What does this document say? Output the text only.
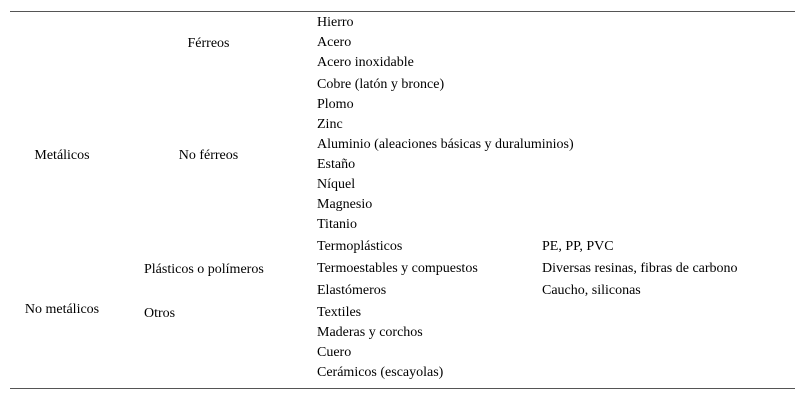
Metálicos
No metálicos
Férreos
No férreos
Plásticos o polímeros
Otros
Hierro
Acero
Acero inoxidable
Cobre (latón y bronce)
Plomo
Zinc
Aluminio (aleaciones básicas y duraluminios)
Estaño
Níquel
Magnesio
Titanio
Termoplásticos
Termoestables y compuestos
Elastómeros
Textiles
Maderas y corchos
Cuero
Cerámicos (escayolas)
PE, PP, PVC
Diversas resinas, fibras de carbono
Caucho, siliconas
